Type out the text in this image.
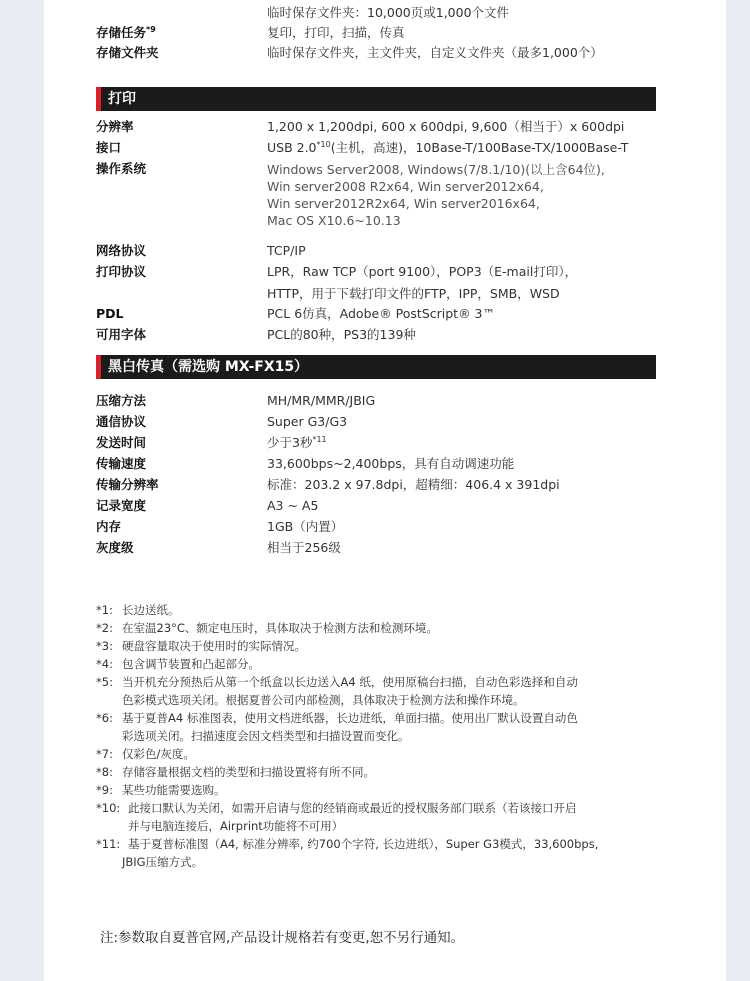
临时保存文件夹：10,000页或1,000个文件
存储任务$^{*9}$	复印，打印，扫描，传真
存储文件夹	临时保存文件夹，主文件夹，自定义文件夹（最多1,000个）
打印
分辨率	1,200 x 1,200dpi, 600 x 600dpi, 9,600（相当于）x 600dpi
接口	USB 2.0$^{*10}$(主机，高速)，10Base-T/100Base-TX/1000Base-T
操作系统	Windows Server2008, Windows(7/8.1/10)(以上含64位),
Win server2008 R2x64, Win server2012x64,
Win server2012R2x64, Win server2016x64,
Mac OS X10.6~10.13
网络协议	TCP/IP
打印协议	LPR，Raw TCP（port 9100），POP3（E-mail打印），
HTTP，用于下载打印文件的FTP，IPP，SMB，WSD
PDL	PCL 6仿真，Adobe® PostScript® 3™
可用字体	PCL的80种，PS3的139种
黑白传真（需选购 MX-FX15）
压缩方法	MH/MR/MMR/JBIG
通信协议	Super G3/G3
发送时间	少于3秒$^{*11}$
传输速度	33,600bps~2,400bps，具有自动调速功能
传输分辨率	标准：203.2 x 97.8dpi，超精细：406.4 x 391dpi
记录宽度	A3 ~ A5
内存	1GB（内置）
灰度级	相当于256级
*1: 长边送纸。
*2: 在室温23°C、额定电压时，具体取决于检测方法和检测环境。
*3: 硬盘容量取决于使用时的实际情况。
*4: 包含调节装置和凸起部分。
*5: 当开机充分预热后从第一个纸盒以长边送入A4 纸，使用原稿台扫描，自动色彩选择和自动
色彩模式选项关闭。根据夏普公司内部检测，具体取决于检测方法和操作环境。
*6: 基于夏普A4 标准图表，使用文档进纸器，长边进纸，单面扫描。使用出厂默认设置自动色
彩选项关闭。扫描速度会因文档类型和扫描设置而变化。
*7: 仅彩色/灰度。
*8: 存储容量根据文档的类型和扫描设置将有所不同。
*9: 某些功能需要选购。
*10: 此接口默认为关闭，如需开启请与您的经销商或最近的授权服务部门联系（若该接口开启
并与电脑连接后，Airprint功能将不可用）
*11: 基于夏普标准图（A4, 标准分辨率, 约700个字符, 长边进纸），Super G3模式，33,600bps,
JBIG压缩方式。
注:参数取自夏普官网,产品设计规格若有变更,恕不另行通知。
